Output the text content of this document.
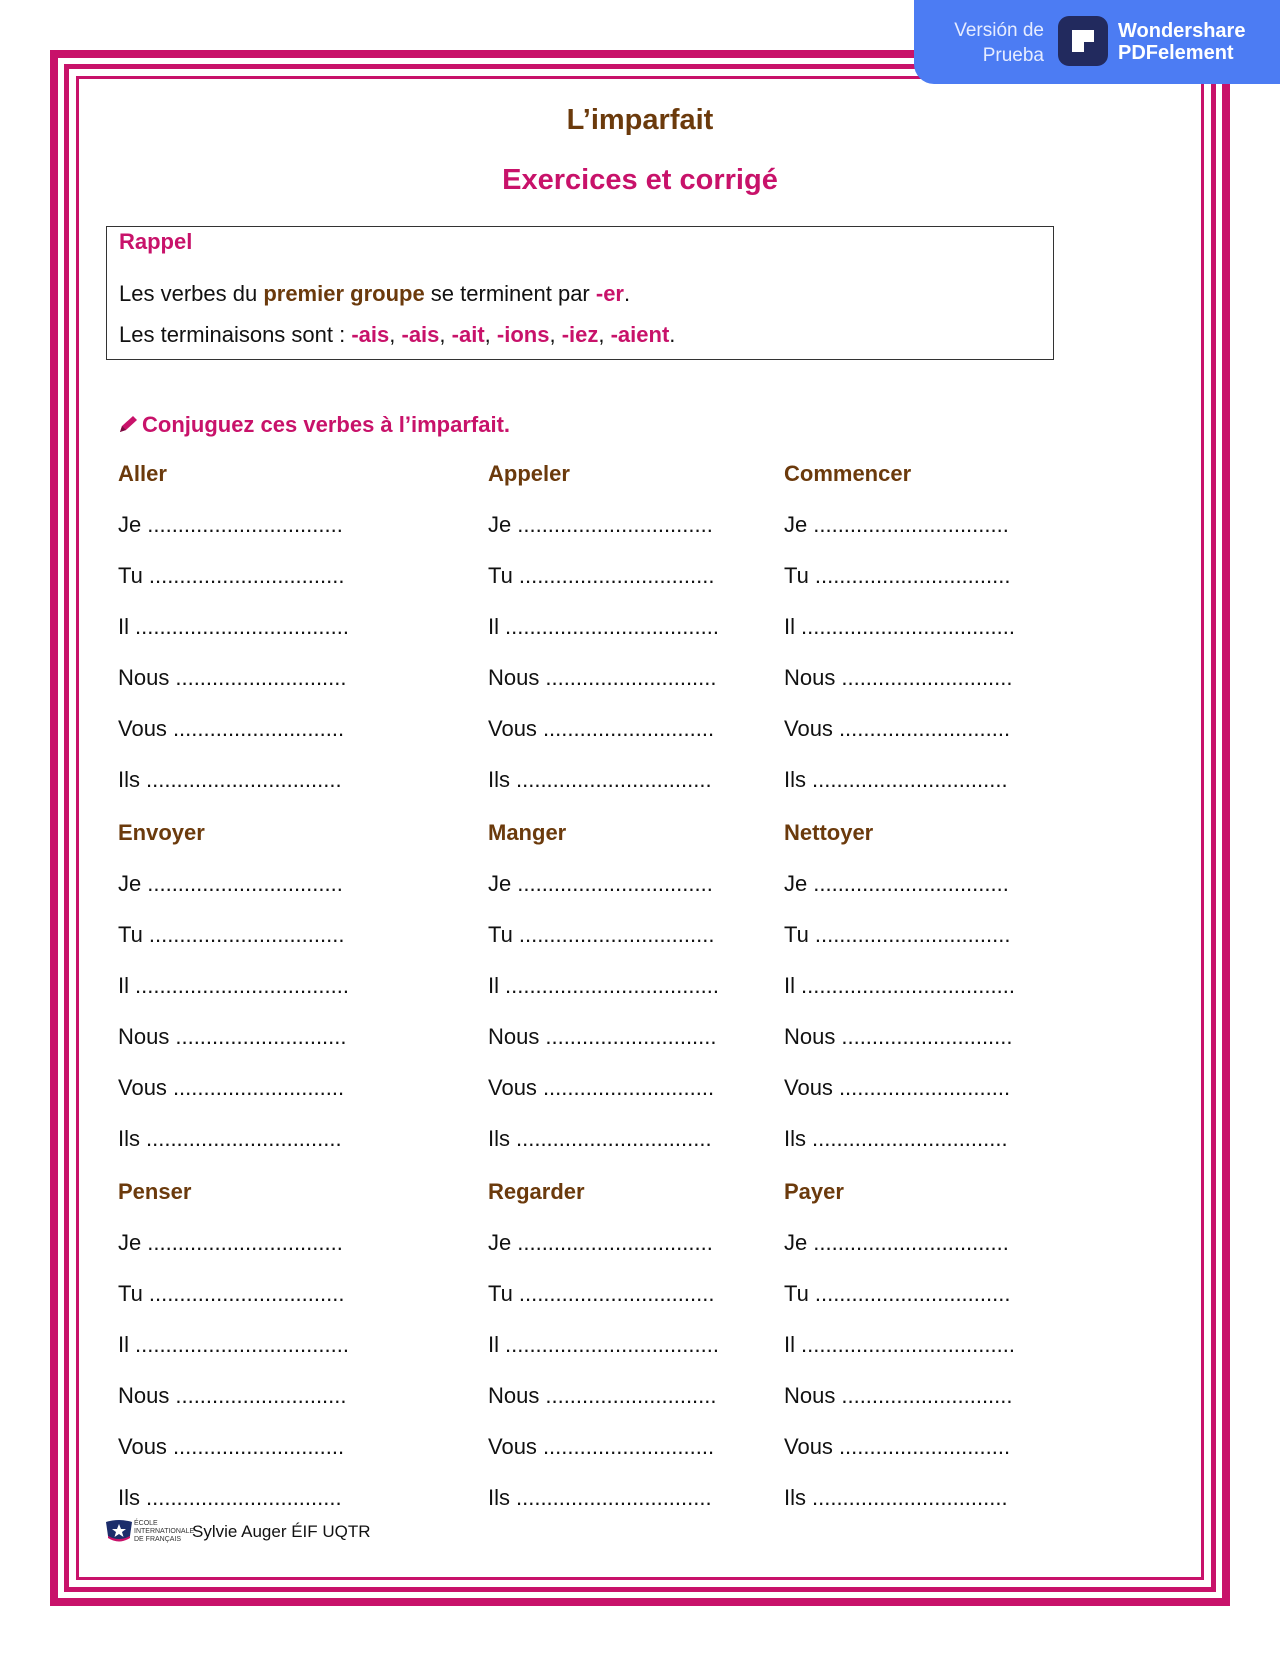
Versión de
Prueba
Wondershare
PDFelement
L’imparfait
Exercices et corrigé
Rappel
Les verbes du premier groupe se terminent par -er.
Les terminaisons sont : -ais, -ais, -ait, -ions, -iez, -aient.
Conjuguez ces verbes à l’imparfait.
Aller
Je ................................
Tu ................................
Il ...................................
Nous ............................
Vous ............................
Ils ................................
Appeler
Je ................................
Tu ................................
Il ...................................
Nous ............................
Vous ............................
Ils ................................
Commencer
Je ................................
Tu ................................
Il ...................................
Nous ............................
Vous ............................
Ils ................................
Envoyer
Je ................................
Tu ................................
Il ...................................
Nous ............................
Vous ............................
Ils ................................
Manger
Je ................................
Tu ................................
Il ...................................
Nous ............................
Vous ............................
Ils ................................
Nettoyer
Je ................................
Tu ................................
Il ...................................
Nous ............................
Vous ............................
Ils ................................
Penser
Je ................................
Tu ................................
Il ...................................
Nous ............................
Vous ............................
Ils ................................
Regarder
Je ................................
Tu ................................
Il ...................................
Nous ............................
Vous ............................
Ils ................................
Payer
Je ................................
Tu ................................
Il ...................................
Nous ............................
Vous ............................
Ils ................................
ÉCOLE INTERNATIONALE DE FRANÇAIS Sylvie Auger ÉIF UQTR
